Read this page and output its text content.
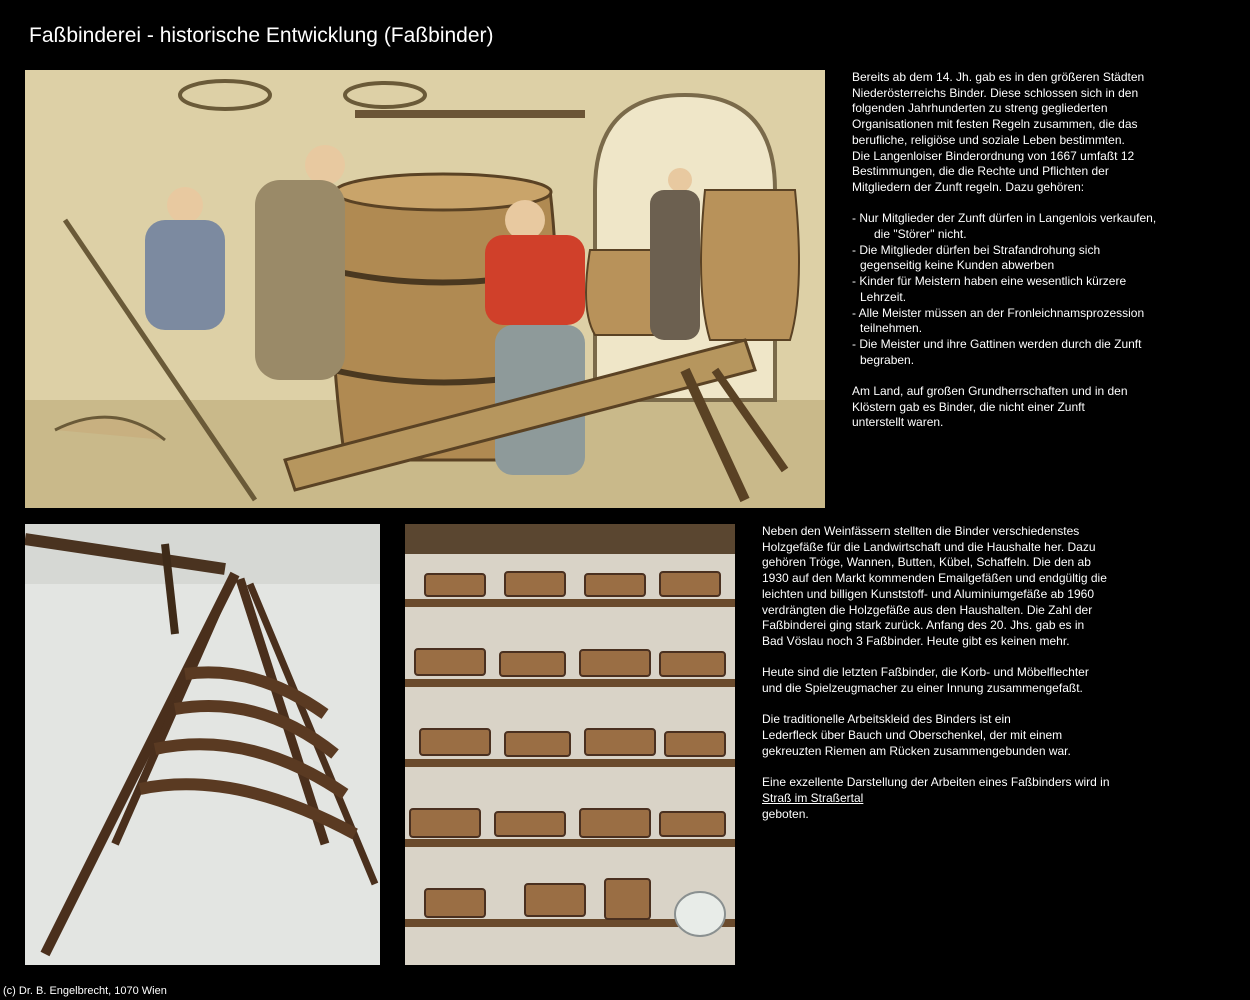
Faßbinderei - historische Entwicklung (Faßbinder)

Bereits ab dem 14. Jh. gab es in den größeren Städten

Niederösterreichs Binder. Diese schlossen sich in den

folgenden Jahrhunderten zu streng gegliederten

Organisationen mit festen Regeln zusammen, die das

berufliche, religiöse und soziale Leben bestimmten.

Die Langenloiser Binderordnung von 1667 umfaßt 12

Bestimmungen, die die Rechte und Pflichten der

Mitgliedern der Zunft regeln. Dazu gehören:

- Nur Mitglieder der Zunft dürfen in Langenlois verkaufen,

die "Störer" nicht.

- Die Mitglieder dürfen bei Strafandrohung sich

gegenseitig keine Kunden abwerben

- Kinder für Meistern haben eine wesentlich kürzere

Lehrzeit.

- Alle Meister müssen an der Fronleichnamsprozession

teilnehmen.

- Die Meister und ihre Gattinen werden durch die Zunft

begraben.

Am Land, auf großen Grundherrschaften und in den

Klöstern gab es Binder, die nicht einer Zunft

unterstellt waren.

Neben den Weinfässern stellten die Binder verschiedenstes

Holzgefäße für die Landwirtschaft und die Haushalte her. Dazu

gehören Tröge, Wannen, Butten, Kübel, Schaffeln. Die den ab

1930 auf den Markt kommenden Emailgefäßen und endgültig die

leichten und billigen Kunststoff- und Aluminiumgefäße ab 1960

verdrängten die Holzgefäße aus den Haushalten. Die Zahl der

Faßbinderei ging stark zurück. Anfang des 20. Jhs. gab es in

Bad Vöslau noch 3 Faßbinder. Heute gibt es keinen mehr.

Heute sind die letzten Faßbinder, die Korb- und Möbelflechter

und die Spielzeugmacher zu einer Innung zusammengefaßt.

Die traditionelle Arbeitskleid des Binders ist ein

Lederfleck über Bauch und Oberschenkel, der mit einem

gekreuzten Riemen am Rücken zusammengebunden war.

Eine exzellente Darstellung der Arbeiten eines Faßbinders wird in

Straß im Straßertal

geboten.

(c) Dr. B. Engelbrecht, 1070 Wien
